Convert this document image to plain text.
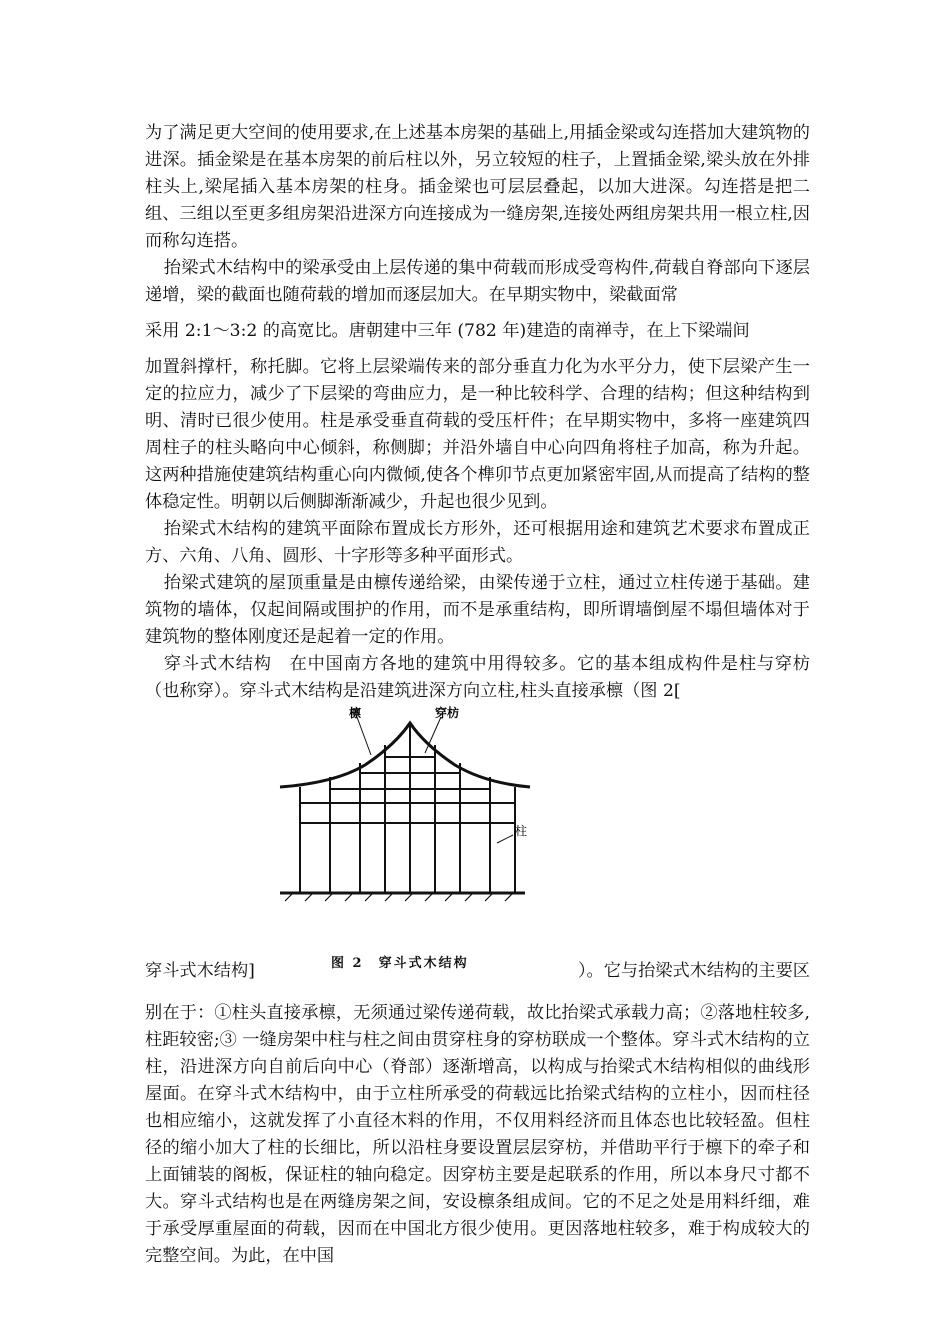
为了满足更大空间的使用要求,在上述基本房架的基础上,用插金梁或勾连搭加大建筑物的进深。插金梁是在基本房架的前后柱以外，另立较短的柱子，上置插金梁,梁头放在外排柱头上,梁尾插入基本房架的柱身。插金梁也可层层叠起，以加大进深。勾连搭是把二组、三组以至更多组房架沿进深方向连接成为一缝房架,连接处两组房架共用一根立柱,因而称勾连搭。

抬梁式木结构中的梁承受由上层传递的集中荷载而形成受弯构件,荷载自脊部向下逐层递增，梁的截面也随荷载的增加而逐层加大。在早期实物中，梁截面常

采用 2:1～3:2 的高宽比。唐朝建中三年 (782 年)建造的南禅寺，在上下梁端间

加置斜撑杆，称托脚。它将上层梁端传来的部分垂直力化为水平分力，使下层梁产生一定的拉应力，减少了下层梁的弯曲应力，是一种比较科学、合理的结构；但这种结构到明、清时已很少使用。柱是承受垂直荷载的受压杆件；在早期实物中，多将一座建筑四周柱子的柱头略向中心倾斜，称侧脚；并沿外墙自中心向四角将柱子加高，称为升起。这两种措施使建筑结构重心向内微倾,使各个榫卯节点更加紧密牢固,从而提高了结构的整体稳定性。明朝以后侧脚渐渐减少，升起也很少见到。

抬梁式木结构的建筑平面除布置成长方形外，还可根据用途和建筑艺术要求布置成正方、六角、八角、圆形、十字形等多种平面形式。

抬梁式建筑的屋顶重量是由檩传递给梁，由梁传递于立柱，通过立柱传递于基础。建筑物的墙体，仅起间隔或围护的作用，而不是承重结构，即所谓墙倒屋不塌但墙体对于建筑物的整体刚度还是起着一定的作用。

穿斗式木结构　在中国南方各地的建筑中用得较多。它的基本组成构件是柱与穿枋（也称穿）。穿斗式木结构是沿建筑进深方向立柱,柱头直接承檩（图 2[

檩	穿枋
柱
穿斗式木结构]	图 2　穿斗式木结构	）。它与抬梁式木结构的主要区

别在于：①柱头直接承檩，无须通过梁传递荷载，故比抬梁式承载力高；②落地柱较多,柱距较密;③ 一缝房架中柱与柱之间由贯穿柱身的穿枋联成一个整体。穿斗式木结构的立柱，沿进深方向自前后向中心（脊部）逐渐增高，以构成与抬梁式木结构相似的曲线形屋面。在穿斗式木结构中，由于立柱所承受的荷载远比抬梁式结构的立柱小，因而柱径也相应缩小，这就发挥了小直径木料的作用，不仅用料经济而且体态也比较轻盈。但柱径的缩小加大了柱的长细比，所以沿柱身要设置层层穿枋，并借助平行于檩下的牵子和上面铺装的阁板，保证柱的轴向稳定。因穿枋主要是起联系的作用，所以本身尺寸都不大。穿斗式结构也是在两缝房架之间，安设檩条组成间。它的不足之处是用料纤细，难于承受厚重屋面的荷载，因而在中国北方很少使用。更因落地柱较多，难于构成较大的完整空间。为此，在中国
